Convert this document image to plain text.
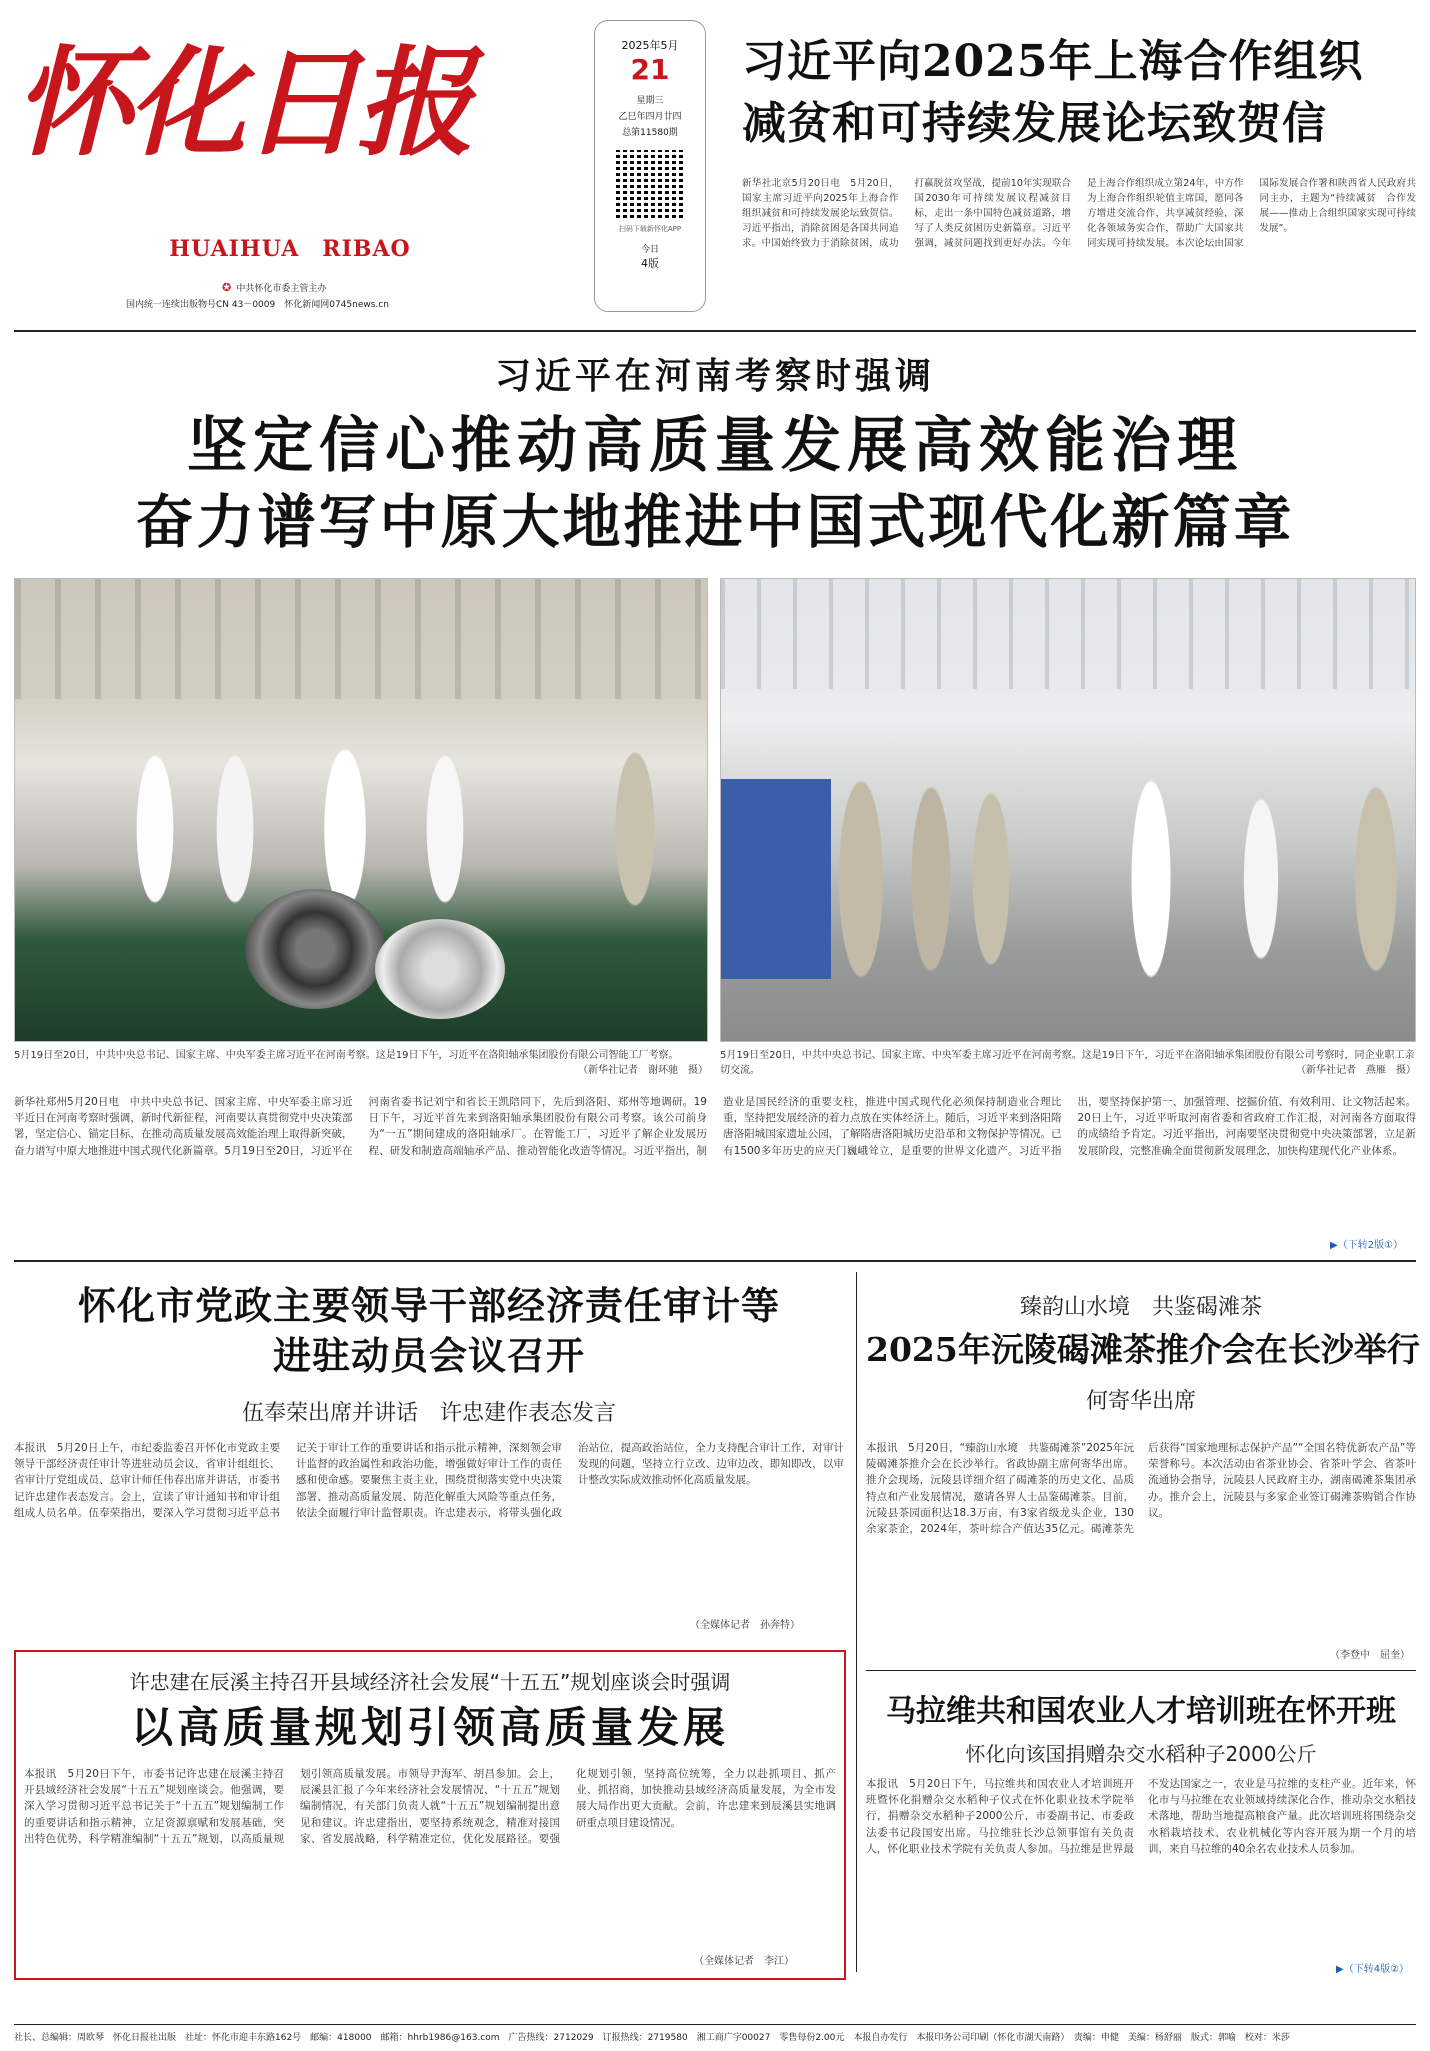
怀化日报
HUAIHUA　RIBAO
✪ 中共怀化市委主管主办
国内统一连续出版物号CN 43－0009　怀化新闻网0745news.cn
2025年5月
21
星期三
乙巳年四月廿四
总第11580期
扫码下载新怀化APP
今日
4版
习近平向2025年上海合作组织
减贫和可持续发展论坛致贺信
新华社北京5月20日电　5月20日，国家主席习近平向2025年上海合作组织减贫和可持续发展论坛致贺信。习近平指出，消除贫困是各国共同追求。中国始终致力于消除贫困，成功打赢脱贫攻坚战，提前10年实现联合国2030年可持续发展议程减贫目标，走出一条中国特色减贫道路，增写了人类反贫困历史新篇章。习近平强调，减贫问题找到更好办法。今年是上海合作组织成立第24年，中方作为上海合作组织轮值主席国，愿同各方增进交流合作，共享减贫经验，深化各领域务实合作，帮助广大国家共同实现可持续发展。本次论坛由国家国际发展合作署和陕西省人民政府共同主办，主题为“持续减贫　合作发展——推动上合组织国家实现可持续发展”。
习近平在河南考察时强调
坚定信心推动高质量发展高效能治理
奋力谱写中原大地推进中国式现代化新篇章
5月19日至20日，中共中央总书记、国家主席、中央军委主席习近平在河南考察。这是19日下午，习近平在洛阳轴承集团股份有限公司智能工厂考察。
（新华社记者　谢环驰　摄）
5月19日至20日，中共中央总书记、国家主席、中央军委主席习近平在河南考察。这是19日下午，习近平在洛阳轴承集团股份有限公司考察时，同企业职工亲切交流。	（新华社记者　燕雁　摄）
新华社郑州5月20日电　中共中央总书记、国家主席、中央军委主席习近平近日在河南考察时强调，新时代新征程，河南要认真贯彻党中央决策部署，坚定信心、锚定目标，在推动高质量发展高效能治理上取得新突破，奋力谱写中原大地推进中国式现代化新篇章。5月19日至20日，习近平在河南省委书记刘宁和省长王凯陪同下，先后到洛阳、郑州等地调研。19日下午，习近平首先来到洛阳轴承集团股份有限公司考察。该公司前身为“一五”期间建成的洛阳轴承厂。在智能工厂，习近平了解企业发展历程、研发和制造高端轴承产品、推动智能化改造等情况。习近平指出，制造业是国民经济的重要支柱，推进中国式现代化必须保持制造业合理比重，坚持把发展经济的着力点放在实体经济上。随后，习近平来到洛阳隋唐洛阳城国家遗址公园，了解隋唐洛阳城历史沿革和文物保护等情况。已有1500多年历史的应天门巍峨耸立，是重要的世界文化遗产。习近平指出，要坚持保护第一、加强管理、挖掘价值、有效利用、让文物活起来。20日上午，习近平听取河南省委和省政府工作汇报，对河南各方面取得的成绩给予肯定。习近平指出，河南要坚决贯彻党中央决策部署，立足新发展阶段，完整准确全面贯彻新发展理念，加快构建现代化产业体系。
▶（下转2版①）
怀化市党政主要领导干部经济责任审计等
进驻动员会议召开
伍奉荣出席并讲话　许忠建作表态发言
本报讯　5月20日上午，市纪委监委召开怀化市党政主要领导干部经济责任审计等进驻动员会议，省审计组组长、省审计厅党组成员、总审计师任伟春出席并讲话，市委书记许忠建作表态发言。会上，宣读了审计通知书和审计组组成人员名单。伍奉荣指出，要深入学习贯彻习近平总书记关于审计工作的重要讲话和指示批示精神，深刻领会审计监督的政治属性和政治功能，增强做好审计工作的责任感和使命感。要聚焦主责主业，围绕贯彻落实党中央决策部署、推动高质量发展、防范化解重大风险等重点任务，依法全面履行审计监督职责。许忠建表示，将带头强化政治站位，提高政治站位，全力支持配合审计工作，对审计发现的问题，坚持立行立改、边审边改、即知即改，以审计整改实际成效推动怀化高质量发展。
（全媒体记者　孙奔特）
臻韵山水境　共鉴碣滩茶
2025年沅陵碣滩茶推介会在长沙举行
何寄华出席
本报讯　5月20日，“臻韵山水境　共鉴碣滩茶”2025年沅陵碣滩茶推介会在长沙举行。省政协副主席何寄华出席。推介会现场，沅陵县详细介绍了碣滩茶的历史文化、品质特点和产业发展情况，邀请各界人士品鉴碣滩茶。目前，沅陵县茶园面积达18.3万亩，有3家省级龙头企业，130余家茶企，2024年，茶叶综合产值达35亿元。碣滩茶先后获得“国家地理标志保护产品”“全国名特优新农产品”等荣誉称号。本次活动由省茶业协会、省茶叶学会、省茶叶流通协会指导，沅陵县人民政府主办，湖南碣滩茶集团承办。推介会上，沅陵县与多家企业签订碣滩茶购销合作协议。
（李登中　屈奎）
许忠建在辰溪主持召开县域经济社会发展“十五五”规划座谈会时强调
以高质量规划引领高质量发展
本报讯　5月20日下午，市委书记许忠建在辰溪主持召开县域经济社会发展“十五五”规划座谈会。他强调，要深入学习贯彻习近平总书记关于“十五五”规划编制工作的重要讲话和指示精神，立足资源禀赋和发展基础，突出特色优势，科学精准编制“十五五”规划，以高质量规划引领高质量发展。市领导尹海军、胡昌参加。会上，辰溪县汇报了今年来经济社会发展情况、“十五五”规划编制情况，有关部门负责人就“十五五”规划编制提出意见和建议。许忠建指出，要坚持系统观念，精准对接国家、省发展战略，科学精准定位，优化发展路径。要强化规划引领，坚持高位统筹，全力以赴抓项目、抓产业、抓招商，加快推动县域经济高质量发展，为全市发展大局作出更大贡献。会前，许忠建来到辰溪县实地调研重点项目建设情况。
（全媒体记者　李江）
马拉维共和国农业人才培训班在怀开班
怀化向该国捐赠杂交水稻种子2000公斤
本报讯　5月20日下午，马拉维共和国农业人才培训班开班暨怀化捐赠杂交水稻种子仪式在怀化职业技术学院举行，捐赠杂交水稻种子2000公斤，市委副书记、市委政法委书记段国安出席。马拉维驻长沙总领事馆有关负责人，怀化职业技术学院有关负责人参加。马拉维是世界最不发达国家之一，农业是马拉维的支柱产业。近年来，怀化市与马拉维在农业领域持续深化合作，推动杂交水稻技术落地，帮助当地提高粮食产量。此次培训班将围绕杂交水稻栽培技术、农业机械化等内容开展为期一个月的培训，来自马拉维的40余名农业技术人员参加。
▶（下转4版②）
社长、总编辑：周欧琴　怀化日报社出版　社址：怀化市迎丰东路162号　邮编：418000　邮箱：hhrb1986@163.com　广告热线：2712029　订报热线：2719580　湘工商广字00027　零售每份2.00元　本报自办发行　本报印务公司印刷（怀化市湖天南路）　责编：申健　美编：杨舒丽　版式：郭喻　校对：米莎
